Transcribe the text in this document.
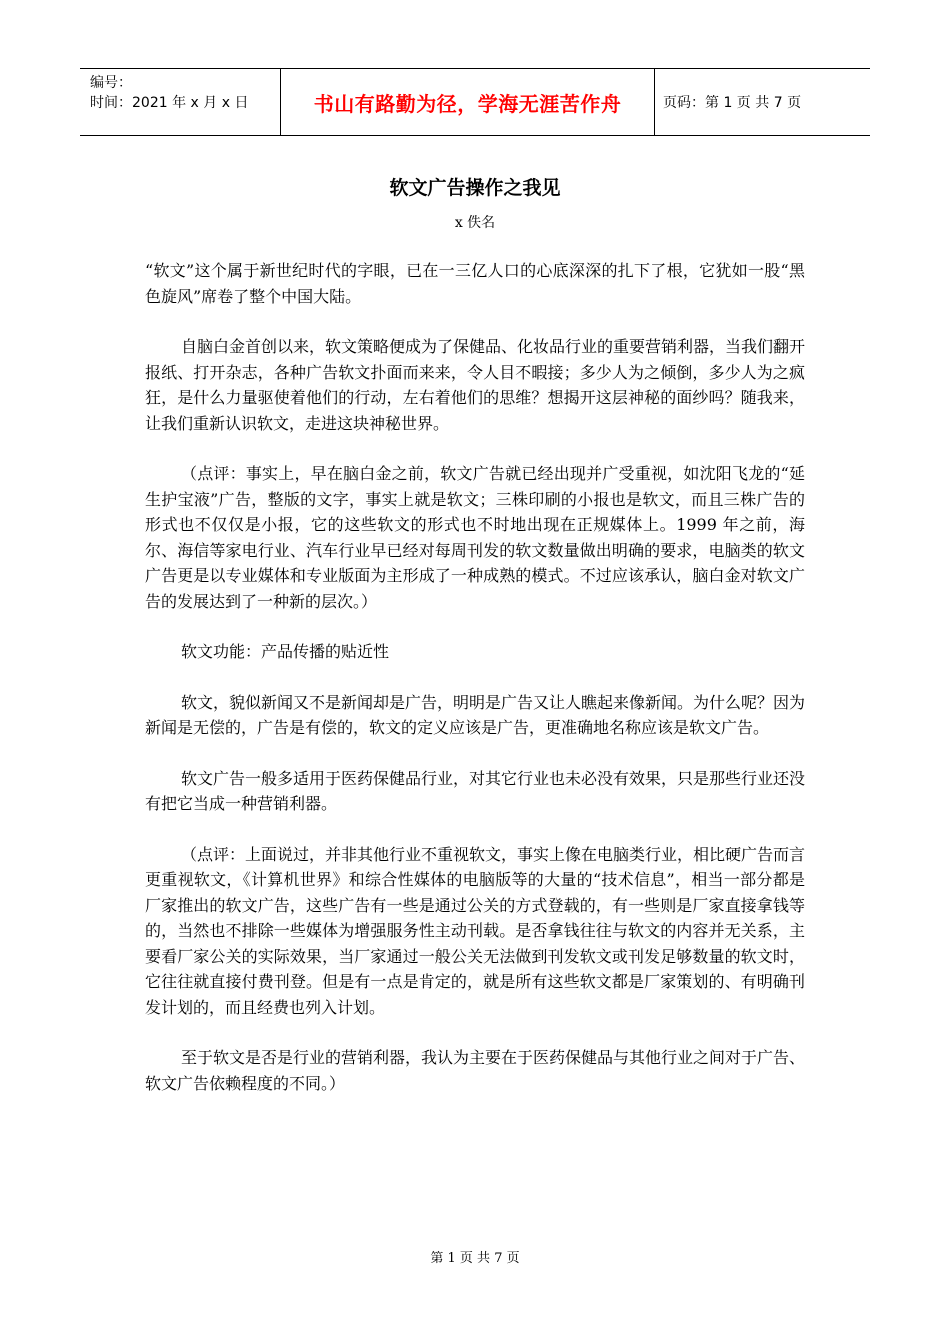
编号：
时间：2021 年 x 月 x 日	书山有路勤为径，学海无涯苦作舟	页码：第 1 页 共 7 页
软文广告操作之我见
x 佚名

“软文”这个属于新世纪时代的字眼，已在一三亿人口的心底深深的扎下了根，它犹如一股“黑色旋风”席卷了整个中国大陆。

自脑白金首创以来，软文策略便成为了保健品、化妆品行业的重要营销利器，当我们翻开报纸、打开杂志，各种广告软文扑面而来来，令人目不暇接；多少人为之倾倒，多少人为之疯狂，是什么力量驱使着他们的行动，左右着他们的思维？想揭开这层神秘的面纱吗？随我来，让我们重新认识软文，走进这块神秘世界。

（点评：事实上，早在脑白金之前，软文广告就已经出现并广受重视，如沈阳飞龙的“延生护宝液”广告，整版的文字，事实上就是软文；三株印刷的小报也是软文，而且三株广告的形式也不仅仅是小报，它的这些软文的形式也不时地出现在正规媒体上。1999 年之前，海尔、海信等家电行业、汽车行业早已经对每周刊发的软文数量做出明确的要求，电脑类的软文广告更是以专业媒体和专业版面为主形成了一种成熟的模式。不过应该承认，脑白金对软文广告的发展达到了一种新的层次。）

软文功能：产品传播的贴近性

软文，貌似新闻又不是新闻却是广告，明明是广告又让人瞧起来像新闻。为什么呢？因为新闻是无偿的，广告是有偿的，软文的定义应该是广告，更准确地名称应该是软文广告。

软文广告一般多适用于医药保健品行业，对其它行业也未必没有效果，只是那些行业还没有把它当成一种营销利器。

（点评：上面说过，并非其他行业不重视软文，事实上像在电脑类行业，相比硬广告而言更重视软文，《计算机世界》和综合性媒体的电脑版等的大量的“技术信息”，相当一部分都是厂家推出的软文广告，这些广告有一些是通过公关的方式登载的，有一些则是厂家直接拿钱等的，当然也不排除一些媒体为增强服务性主动刊载。是否拿钱往往与软文的内容并无关系，主要看厂家公关的实际效果，当厂家通过一般公关无法做到刊发软文或刊发足够数量的软文时，它往往就直接付费刊登。但是有一点是肯定的，就是所有这些软文都是厂家策划的、有明确刊发计划的，而且经费也列入计划。

至于软文是否是行业的营销利器，我认为主要在于医药保健品与其他行业之间对于广告、软文广告依赖程度的不同。）

第 1 页 共 7 页
